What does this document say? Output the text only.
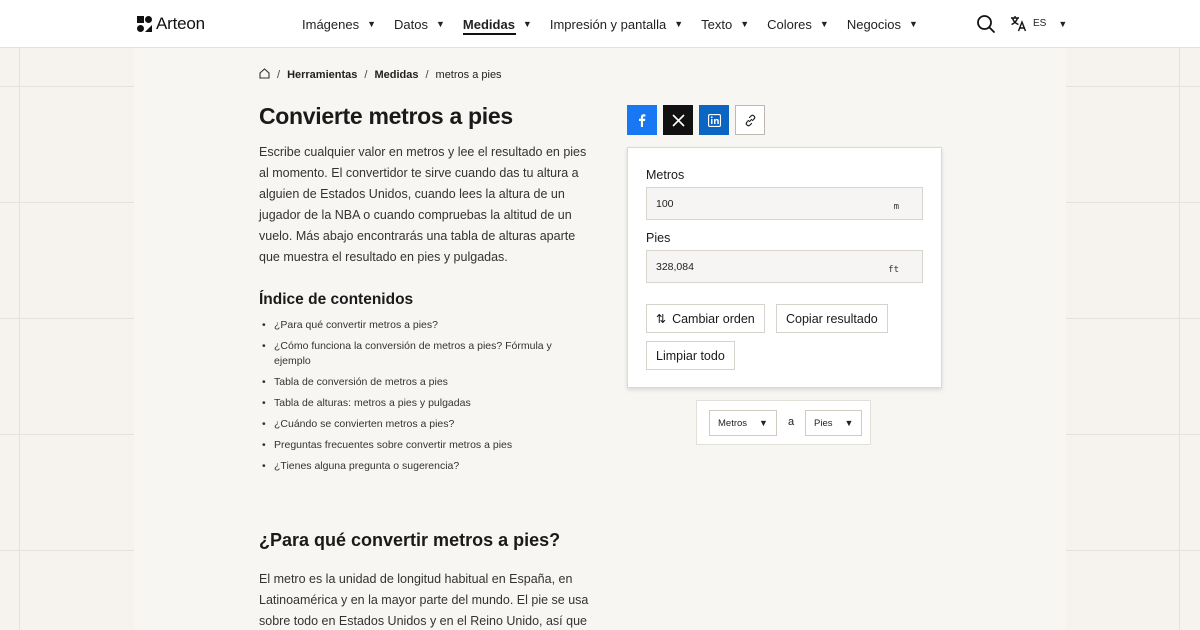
Arteon	Imágenes ▼ Datos ▼ Medidas ▼ Impresión y pantalla ▼ Texto ▼ Colores ▼ Negocios ▼	ES ▼
/ Herramientas / Medidas / metros a pies
Convierte metros a pies

Escribe cualquier valor en metros y lee el resultado en pies al momento. El convertidor te sirve cuando das tu altura a alguien de Estados Unidos, cuando lees la altura de un jugador de la NBA o cuando compruebas la altitud de un vuelo. Más abajo encontrarás una tabla de alturas aparte que muestra el resultado en pies y pulgadas.

Índice de contenidos
• ¿Para qué convertir metros a pies?
• ¿Cómo funciona la conversión de metros a pies? Fórmula y ejemplo
• Tabla de conversión de metros a pies
• Tabla de alturas: metros a pies y pulgadas
• ¿Cuándo se convierten metros a pies?
• Preguntas frecuentes sobre convertir metros a pies
• ¿Tienes alguna pregunta o sugerencia?
¿Para qué convertir metros a pies?

El metro es la unidad de longitud habitual en España, en Latinoamérica y en la mayor parte del mundo. El pie se usa sobre todo en Estados Unidos y en el Reino Unido, así que

Metros
100	m
Pies
328,084	ft
⇅ Cambiar orden	Copiar resultado
Limpiar todo
Metros ▼ a Pies ▼
